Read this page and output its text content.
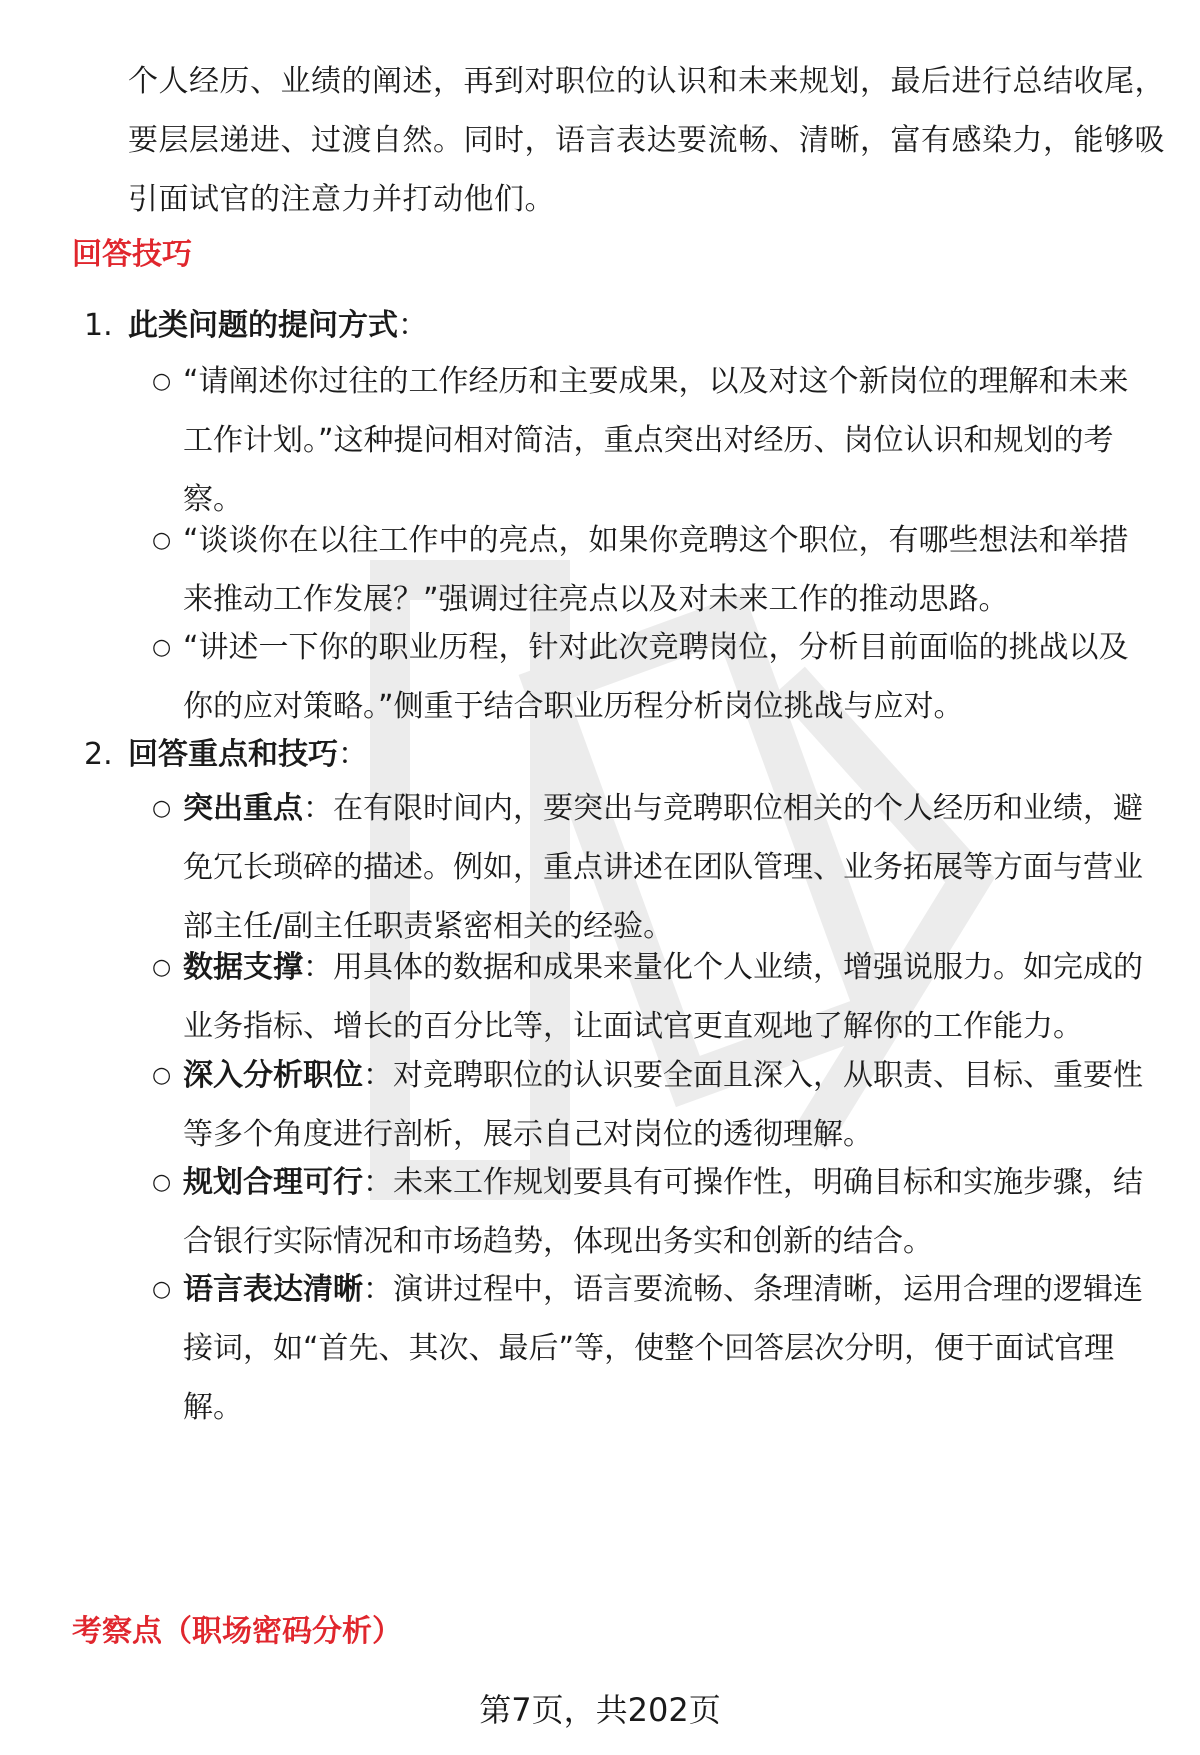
个人经历、业绩的阐述，再到对职位的认识和未来规划，最后进行总结收尾，
要层层递进、过渡自然。同时，语言表达要流畅、清晰，富有感染力，能够吸
引面试官的注意力并打动他们。
回答技巧
1. 此类问题的提问方式：
○ “请阐述你过往的工作经历和主要成果，以及对这个新岗位的理解和未来
工作计划。”这种提问相对简洁，重点突出对经历、岗位认识和规划的考
察。
○ “谈谈你在以往工作中的亮点，如果你竞聘这个职位，有哪些想法和举措
来推动工作发展？”强调过往亮点以及对未来工作的推动思路。
○ “讲述一下你的职业历程，针对此次竞聘岗位，分析目前面临的挑战以及
你的应对策略。”侧重于结合职业历程分析岗位挑战与应对。
2. 回答重点和技巧：
○ 突出重点：在有限时间内，要突出与竞聘职位相关的个人经历和业绩，避
免冗长琐碎的描述。例如，重点讲述在团队管理、业务拓展等方面与营业
部主任/副主任职责紧密相关的经验。
○ 数据支撑：用具体的数据和成果来量化个人业绩，增强说服力。如完成的
业务指标、增长的百分比等，让面试官更直观地了解你的工作能力。
○ 深入分析职位：对竞聘职位的认识要全面且深入，从职责、目标、重要性
等多个角度进行剖析，展示自己对岗位的透彻理解。
○ 规划合理可行：未来工作规划要具有可操作性，明确目标和实施步骤，结
合银行实际情况和市场趋势，体现出务实和创新的结合。
○ 语言表达清晰：演讲过程中，语言要流畅、条理清晰，运用合理的逻辑连
接词，如“首先、其次、最后”等，使整个回答层次分明，便于面试官理
解。
考察点（职场密码分析）
第7页，共202页
